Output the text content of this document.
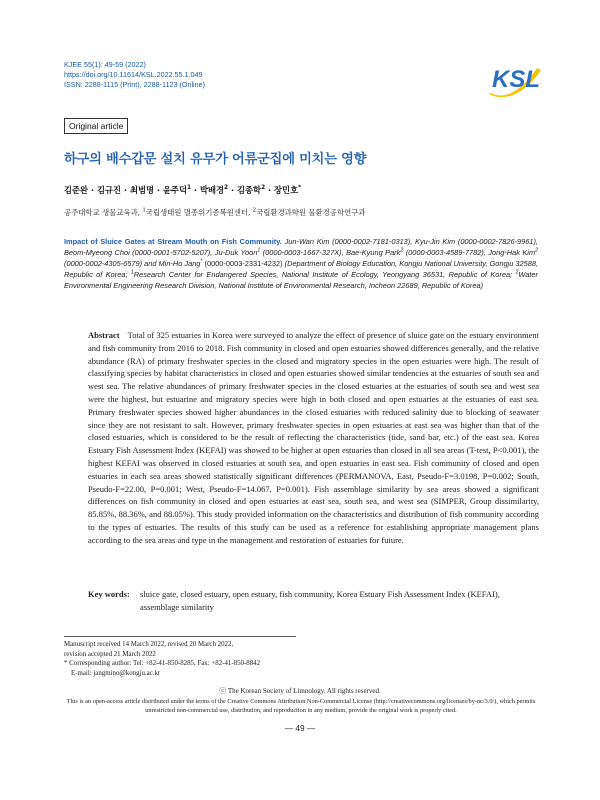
KJEE 55(1): 49-59 (2022)
https://doi.org/10.11614/KSL.2022.55.1.049
ISSN: 2288-1115 (Print), 2288-1123 (Online)	KSL
Original article
하구의 배수갑문 설치 유무가 어류군집에 미치는 영향
김준완 · 김규진 · 최범명 · 윤주덕$^1$ · 박배경$^2$ · 김종학$^2$ · 장민호*
공주대학교 생물교육과, $^1$국립생태원 멸종위기종복원센터, $^2$국립환경과학원 물환경공학연구과
Impact of Sluice Gates at Stream Mouth on Fish Community. Jun-Wan Kim (0000-0002-7181-0313), Kyu-Jin Kim (0000-0002-7826-9961), Beom-Myeong Choi (0000-0001-5702-5207), Ju-Duk Yoon$^1$ (0000-0003-1667-327X), Bae-Kyung Park$^2$ (0000-0003-4589-7782), Jong-Hak Kim$^2$ (0000-0002-4305-6579) and Min-Ho Jang* (0000-0003-2331-4232) (Department of Biology Education, Kongju National University, Gongju 32588, Republic of Korea; $^1$Research Center for Endangered Species, National Institute of Ecology, Yeongyang 36531, Republic of Korea; $^2$Water Environmental Engineering Research Division, National Institute of Environmental Research, Incheon 22689, Republic of Korea)
Abstract Total of 325 estuaries in Korea were surveyed to analyze the effect of presence of sluice gate on the estuary environment and fish community from 2016 to 2018. Fish community in closed and open estuaries showed differences generally, and the relative abundance (RA) of primary freshwater species in the closed and migratory species in the open estuaries were high. The result of classifying species by habitat characteristics in closed and open estuaries showed similar tendencies at the estuaries of south sea and west sea. The relative abundances of primary freshwater species in the closed estuaries at the estuaries of south sea and west sea were the highest, but estuarine and migratory species were high in both closed and open estuaries at the estuaries of east sea. Primary freshwater species showed higher abundances in the closed estuaries with reduced salinity due to blocking of seawater since they are not resistant to salt. However, primary freshwater species in open estuaries at east sea was higher than that of the closed estuaries, which is considered to be the result of reflecting the characteristics (tide, sand bar, etc.) of the east sea. Korea Estuary Fish Assessment Index (KEFAI) was showed to be higher at open estuaries than closed in all sea areas (T-test, P<0.001), the highest KEFAI was observed in closed estuaries at south sea, and open estuaries in east sea. Fish community of closed and open estuaries in each sea areas showed statistically significant differences (PERMANOVA, East, Pseudo-F=3.0198, P=0.002; South, Pseudo-F=22.00, P=0.001; West, Pseudo-F=14.067, P=0.001). Fish assemblage similarity by sea areas showed a significant differences on fish community in closed and open estuaries at east sea, south sea, and west sea (SIMPER, Group dissimilarity, 85.85%, 88.36%, and 88.05%). This study provided information on the characteristics and distribution of fish community according to the types of estuaries. The results of this study can be used as a reference for establishing appropriate management plans according to the sea areas and type in the management and restoration of estuaries for future.
Key words:	sluice gate, closed estuary, open estuary, fish community, Korea Estuary Fish Assessment Index (KEFAI), assemblage similarity
Manuscript received 14 March 2022, revised 20 March 2022,
revision accepted 21 March 2022
* Corresponding author: Tel: +82-41-850-8285, Fax: +82-41-850-8842
E-mail: jangmino@kongju.ac.kr
ⓒ The Korean Society of Limnology. All rights reserved.
This is an open-access article distributed under the terms of the Creative Commons Attribution Non-Commercial License (http://creativecommons.org/licenses/by-nc/3.0/), which permits unrestricted non-commercial use, distribution, and reproduction in any medium, provide the original work is properly cited.
— 49 —
